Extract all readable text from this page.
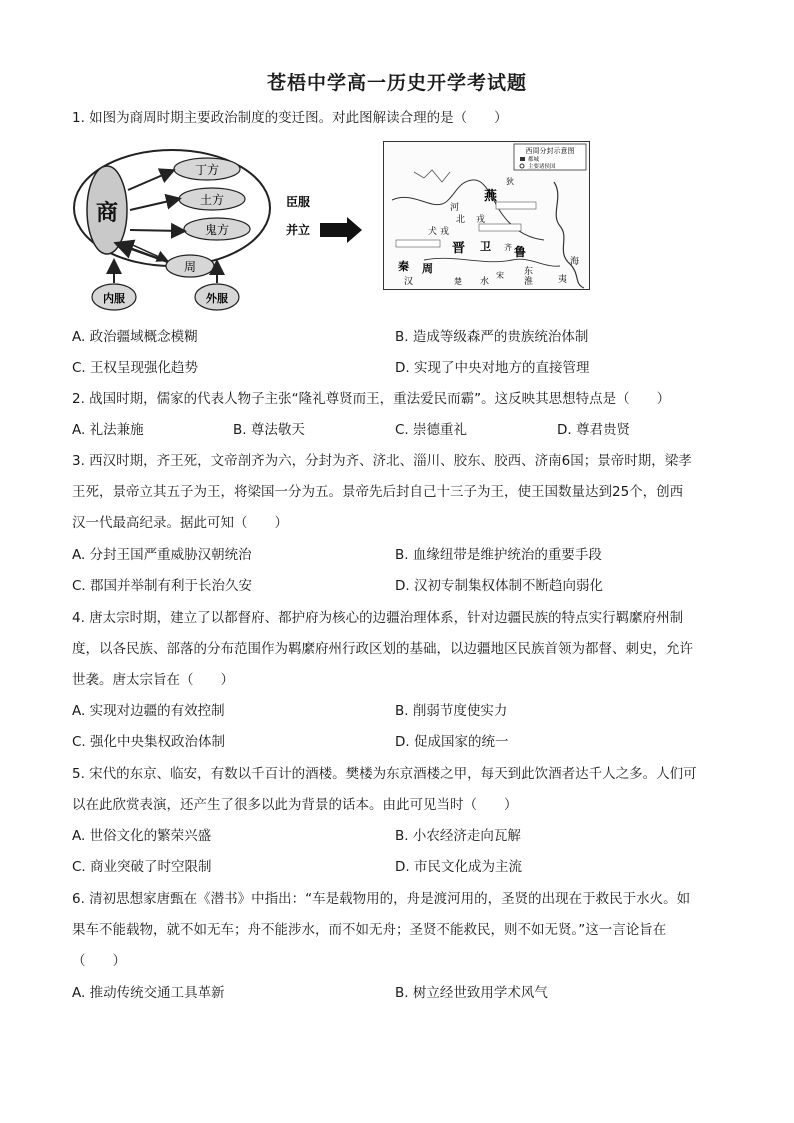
苍梧中学高一历史开学考试题
1. 如图为商周时期主要政治制度的变迁图。对此图解读合理的是（　　）
商
丁方
土方
鬼方
周
内服	外服
臣服
并立
西周分封示意图
都城
主要诸侯国
燕
晋 卫 齐 鲁
宋
秦 周
楚
戎
河
北
犬 戎
淮
汉	水
海
东
夷
狄
A. 政治疆域概念模糊	B. 造成等级森严的贵族统治体制
C. 王权呈现强化趋势	D. 实现了中央对地方的直接管理
2. 战国时期，儒家的代表人物子主张“隆礼尊贤而王，重法爱民而霸”。这反映其思想特点是（　　）
A. 礼法兼施	B. 尊法敬天	C. 崇德重礼	D. 尊君贵贤
3. 西汉时期，齐王死，文帝剖齐为六，分封为齐、济北、淄川、胶东、胶西、济南6国；景帝时期，梁孝
王死，景帝立其五子为王，将梁国一分为五。景帝先后封自己十三子为王，使王国数量达到25个，创西
汉一代最高纪录。据此可知（　　）
A. 分封王国严重威胁汉朝统治	B. 血缘纽带是维护统治的重要手段
C. 郡国并举制有利于长治久安	D. 汉初专制集权体制不断趋向弱化
4. 唐太宗时期，建立了以都督府、都护府为核心的边疆治理体系，针对边疆民族的特点实行羁縻府州制
度，以各民族、部落的分布范围作为羁縻府州行政区划的基础，以边疆地区民族首领为都督、刺史，允许
世袭。唐太宗旨在（　　）
A. 实现对边疆的有效控制	B. 削弱节度使实力
C. 强化中央集权政治体制	D. 促成国家的统一
5. 宋代的东京、临安，有数以千百计的酒楼。樊楼为东京酒楼之甲，每天到此饮酒者达千人之多。人们可
以在此欣赏表演，还产生了很多以此为背景的话本。由此可见当时（　　）
A. 世俗文化的繁荣兴盛	B. 小农经济走向瓦解
C. 商业突破了时空限制	D. 市民文化成为主流
6. 清初思想家唐甄在《潜书》中指出：“车是载物用的，舟是渡河用的，圣贤的出现在于救民于水火。如
果车不能载物，就不如无车；舟不能涉水，而不如无舟；圣贤不能救民，则不如无贤。”这一言论旨在
（　　）
A. 推动传统交通工具革新	B. 树立经世致用学术风气
